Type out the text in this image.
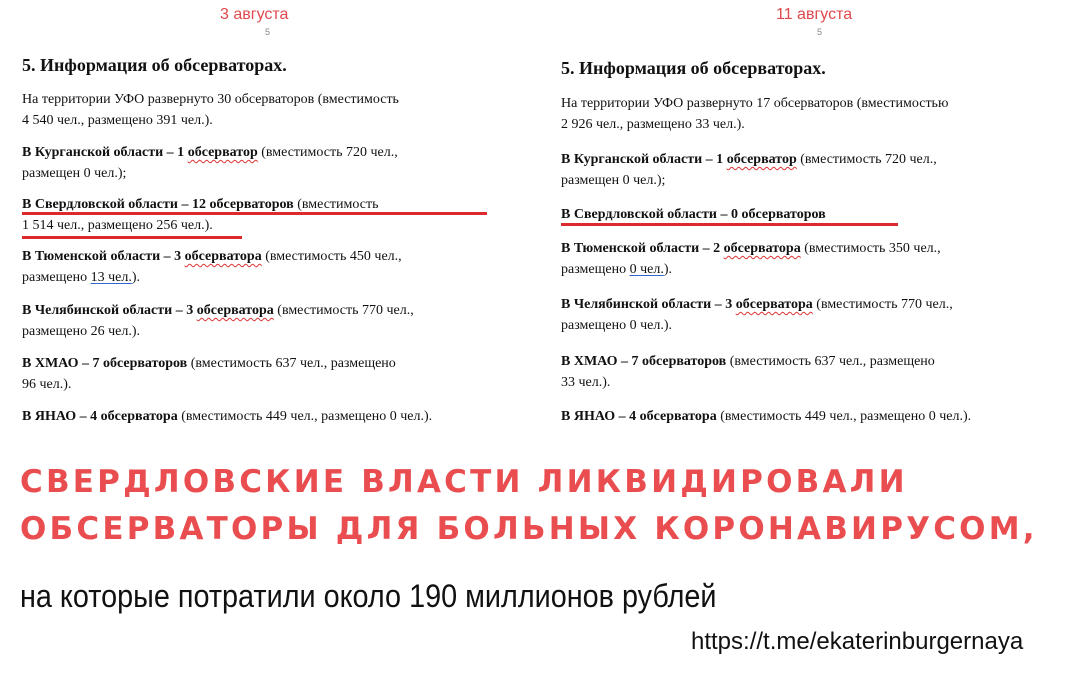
3 августа
5
5. Информация об обсерваторах.
На территории УФО развернуто 30 обсерваторов (вместимость
4 540 чел., размещено 391 чел.).
В Курганской области – 1 обсерватор (вместимость 720 чел.,
размещен 0 чел.);
В Свердловской области – 12 обсерваторов (вместимость
1 514 чел., размещено 256 чел.).
В Тюменской области – 3 обсерватора (вместимость 450 чел.,
размещено 13 чел.).
В Челябинской области – 3 обсерватора (вместимость 770 чел.,
размещено 26 чел.).
В ХМАО – 7 обсерваторов (вместимость 637 чел., размещено
96 чел.).
В ЯНАО – 4 обсерватора (вместимость 449 чел., размещено 0 чел.).
11 августа
5
5. Информация об обсерваторах.
На территории УФО развернуто 17 обсерваторов (вместимостью
2 926 чел., размещено 33 чел.).
В Курганской области – 1 обсерватор (вместимость 720 чел.,
размещен 0 чел.);
В Свердловской области – 0 обсерваторов
В Тюменской области – 2 обсерватора (вместимость 350 чел.,
размещено 0 чел.).
В Челябинской области – 3 обсерватора (вместимость 770 чел.,
размещено 0 чел.).
В ХМАО – 7 обсерваторов (вместимость 637 чел., размещено
33 чел.).
В ЯНАО – 4 обсерватора (вместимость 449 чел., размещено 0 чел.).
СВЕРДЛОВСКИЕ ВЛАСТИ ЛИКВИДИРОВАЛИ
ОБСЕРВАТОРЫ ДЛЯ БОЛЬНЫХ КОРОНАВИРУСОМ,
на которые потратили около 190 миллионов рублей
https://t.me/ekaterinburgernaya
